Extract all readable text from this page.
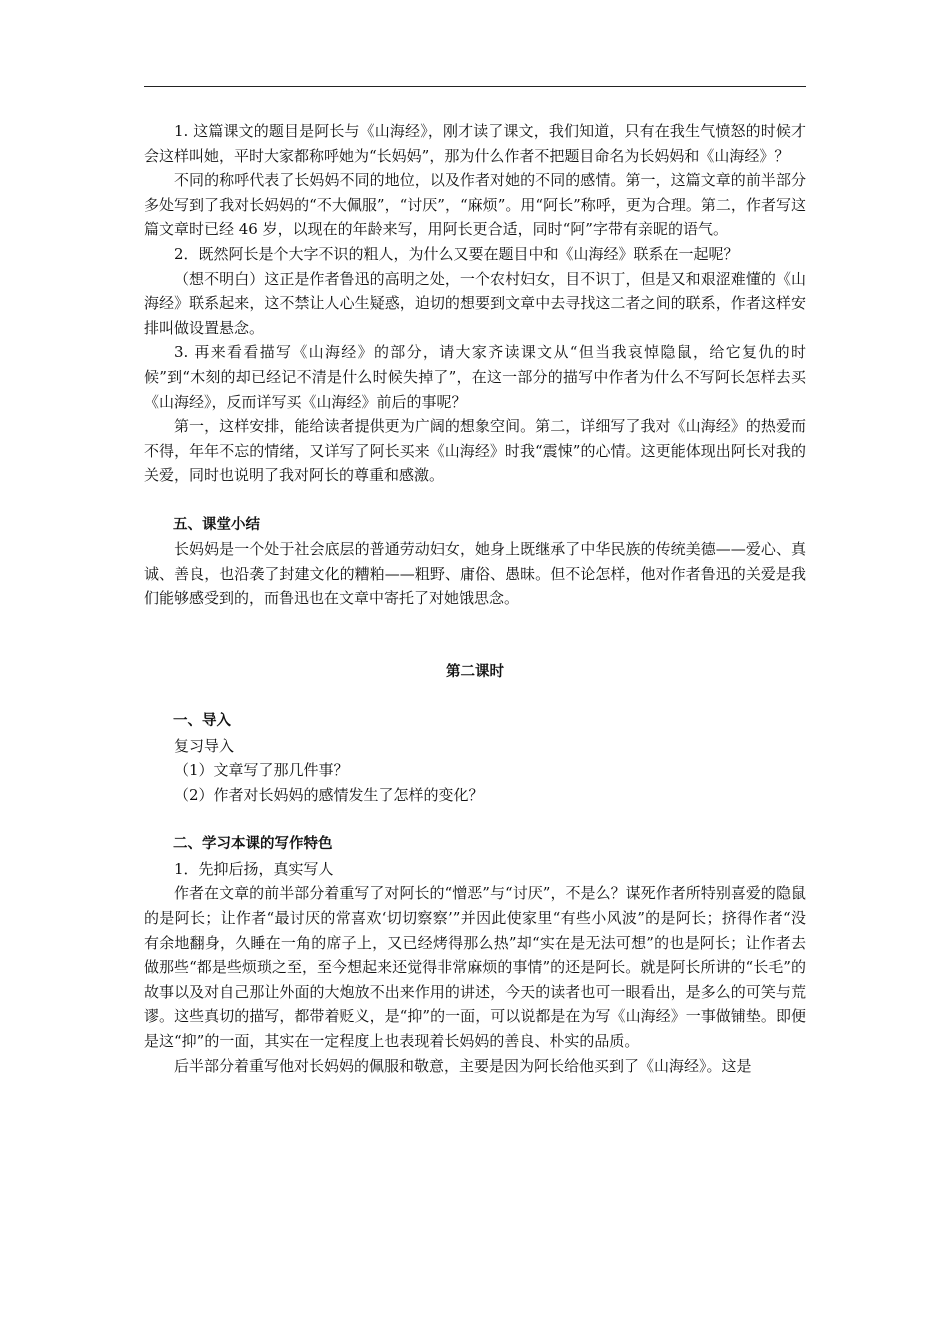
1. 这篇课文的题目是阿长与《山海经》，刚才读了课文，我们知道，只有在我生气愤怒的时候才会这样叫她，平时大家都称呼她为“长妈妈”，那为什么作者不把题目命名为长妈妈和《山海经》？

不同的称呼代表了长妈妈不同的地位，以及作者对她的不同的感情。第一，这篇文章的前半部分多处写到了我对长妈妈的“不大佩服”，“讨厌”，“麻烦”。用“阿长”称呼，更为合理。第二，作者写这篇文章时已经 46 岁，以现在的年龄来写，用阿长更合适，同时“阿”字带有亲昵的语气。

2．既然阿长是个大字不识的粗人，为什么又要在题目中和《山海经》联系在一起呢？

（想不明白）这正是作者鲁迅的高明之处，一个农村妇女，目不识丁，但是又和艰涩难懂的《山海经》联系起来，这不禁让人心生疑惑，迫切的想要到文章中去寻找这二者之间的联系，作者这样安排叫做设置悬念。

3. 再来看看描写《山海经》的部分，请大家齐读课文从“但当我哀悼隐鼠，给它复仇的时候”到“木刻的却已经记不清是什么时候失掉了”，在这一部分的描写中作者为什么不写阿长怎样去买《山海经》，反而详写买《山海经》前后的事呢？

第一，这样安排，能给读者提供更为广阔的想象空间。第二，详细写了我对《山海经》的热爱而不得，年年不忘的情绪，又详写了阿长买来《山海经》时我“震悚”的心情。这更能体现出阿长对我的关爱，同时也说明了我对阿长的尊重和感激。

五、课堂小结

长妈妈是一个处于社会底层的普通劳动妇女，她身上既继承了中华民族的传统美德——爱心、真诚、善良，也沿袭了封建文化的糟粕——粗野、庸俗、愚昧。但不论怎样，他对作者鲁迅的关爱是我们能够感受到的，而鲁迅也在文章中寄托了对她饿思念。

第二课时

一、导入

复习导入

（1）文章写了那几件事？

（2）作者对长妈妈的感情发生了怎样的变化？

二、学习本课的写作特色

1．先抑后扬，真实写人

作者在文章的前半部分着重写了对阿长的“憎恶”与“讨厌”，不是么？谋死作者所特别喜爱的隐鼠的是阿长；让作者“最讨厌的常喜欢‘切切察察’”并因此使家里“有些小风波”的是阿长；挤得作者“没有余地翻身，久睡在一角的席子上，又已经烤得那么热”却“实在是无法可想”的也是阿长；让作者去做那些“都是些烦琐之至，至今想起来还觉得非常麻烦的事情”的还是阿长。就是阿长所讲的“长毛”的故事以及对自己那让外面的大炮放不出来作用的讲述，今天的读者也可一眼看出，是多么的可笑与荒谬。这些真切的描写，都带着贬义，是“抑”的一面，可以说都是在为写《山海经》一事做铺垫。即便是这“抑”的一面，其实在一定程度上也表现着长妈妈的善良、朴实的品质。

后半部分着重写他对长妈妈的佩服和敬意，主要是因为阿长给他买到了《山海经》。这是
